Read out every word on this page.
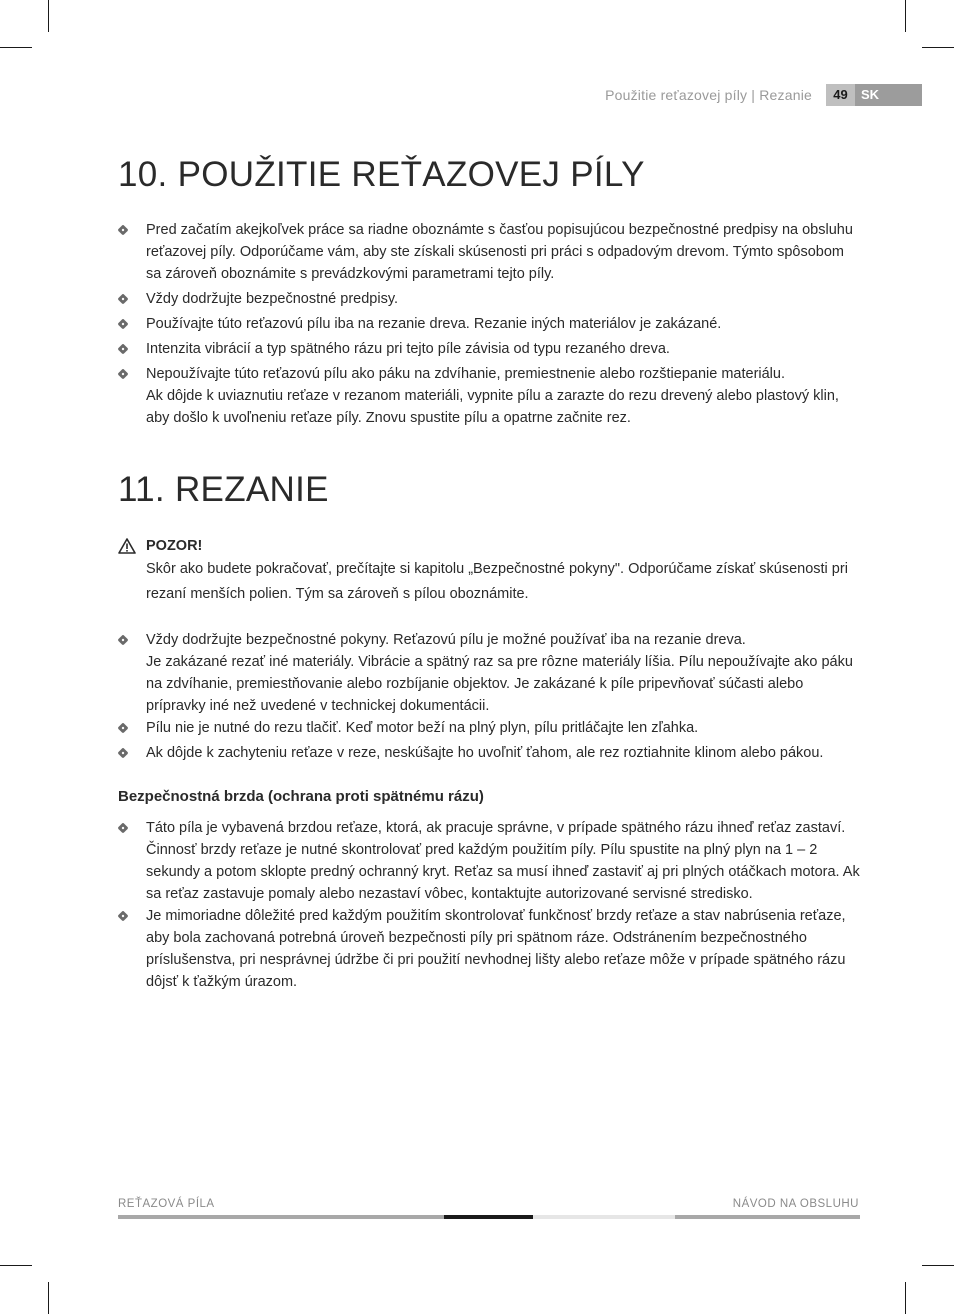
Použitie reťazovej píly | Rezanie	49	SK
10. POUŽITIE REŤAZOVEJ PÍLY

Pred začatím akejkoľvek práce sa riadne oboznámte s časťou popisujúcou bezpečnostné predpisy na obsluhu reťazovej píly. Odporúčame vám, aby ste získali skúsenosti pri práci s odpadovým drevom. Týmto spôsobom sa zároveň oboznámite s prevádzkovými parametrami tejto píly.

Vždy dodržujte bezpečnostné predpisy.

Používajte túto reťazovú pílu iba na rezanie dreva. Rezanie iných materiálov je zakázané.

Intenzita vibrácií a typ spätného rázu pri tejto píle závisia od typu rezaného dreva.

Nepoužívajte túto reťazovú pílu ako páku na zdvíhanie, premiestnenie alebo rozštiepanie materiálu.

Ak dôjde k uviaznutiu reťaze v rezanom materiáli, vypnite pílu a zarazte do rezu drevený alebo plastový klin, aby došlo k uvoľneniu reťaze píly. Znovu spustite pílu a opatrne začnite rez.

11. REZANIE
POZOR!
Skôr ako budete pokračovať, prečítajte si kapitolu „Bezpečnostné pokyny". Odporúčame získať skúsenosti pri rezaní menších polien. Tým sa zároveň s pílou oboznámite.

Vždy dodržujte bezpečnostné pokyny. Reťazovú pílu je možné používať iba na rezanie dreva.

Je zakázané rezať iné materiály. Vibrácie a spätný raz sa pre rôzne materiály líšia. Pílu nepoužívajte ako páku na zdvíhanie, premiestňovanie alebo rozbíjanie objektov. Je zakázané k píle pripevňovať súčasti alebo prípravky iné než uvedené v technickej dokumentácii.

Pílu nie je nutné do rezu tlačiť. Keď motor beží na plný plyn, pílu pritláčajte len zľahka.

Ak dôjde k zachyteniu reťaze v reze, neskúšajte ho uvoľniť ťahom, ale rez roztiahnite klinom alebo pákou.

Bezpečnostná brzda (ochrana proti spätnému rázu)

Táto píla je vybavená brzdou reťaze, ktorá, ak pracuje správne, v prípade spätného rázu ihneď reťaz zastaví. Činnosť brzdy reťaze je nutné skontrolovať pred každým použitím píly. Pílu spustite na plný plyn na 1 – 2 sekundy a potom sklopte predný ochranný kryt. Reťaz sa musí ihneď zastaviť aj pri plných otáčkach motora. Ak sa reťaz zastavuje pomaly alebo nezastaví vôbec, kontaktujte autorizované servisné stredisko.

Je mimoriadne dôležité pred každým použitím skontrolovať funkčnosť brzdy reťaze a stav nabrúsenia reťaze, aby bola zachovaná potrebná úroveň bezpečnosti píly pri spätnom ráze. Odstránením bezpečnostného príslušenstva, pri nesprávnej údržbe či pri použití nevhodnej lišty alebo reťaze môže v prípade spätného rázu dôjsť k ťažkým úrazom.

REŤAZOVÁ PÍLA	NÁVOD NA OBSLUHU
